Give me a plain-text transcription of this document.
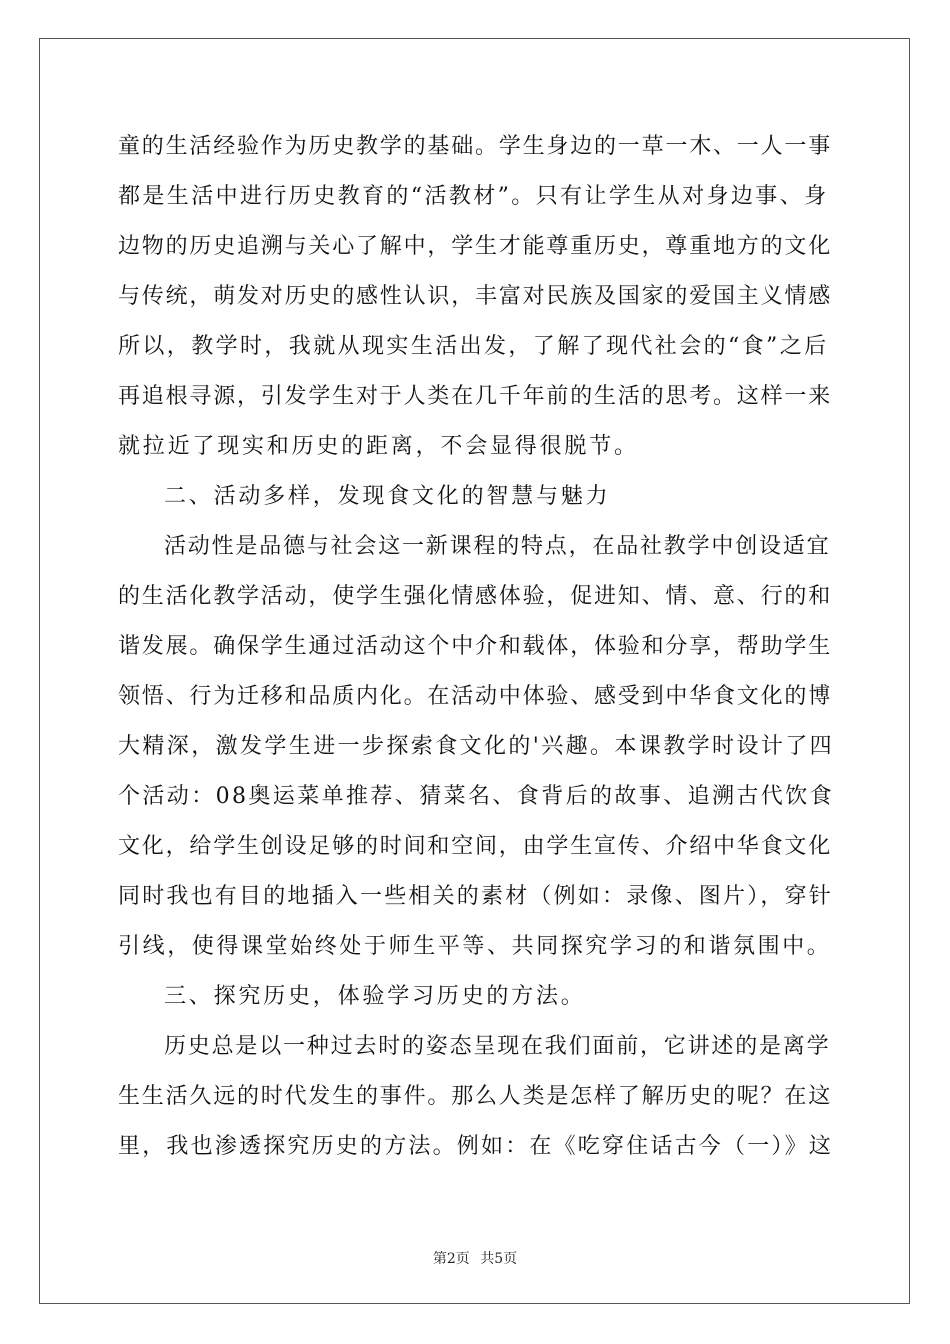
童的生活经验作为历史教学的基础。学生身边的一草一木、一人一事
都是生活中进行历史教育的“活教材”。只有让学生从对身边事、身
边物的历史追溯与关心了解中，学生才能尊重历史，尊重地方的文化
与传统，萌发对历史的感性认识，丰富对民族及国家的爱国主义情感
所以，教学时，我就从现实生活出发，了解了现代社会的“食”之后
再追根寻源，引发学生对于人类在几千年前的生活的思考。这样一来
就拉近了现实和历史的距离，不会显得很脱节。
二、活动多样，发现食文化的智慧与魅力
活动性是品德与社会这一新课程的特点，在品社教学中创设适宜
的生活化教学活动，使学生强化情感体验，促进知、情、意、行的和
谐发展。确保学生通过活动这个中介和载体，体验和分享，帮助学生
领悟、行为迁移和品质内化。在活动中体验、感受到中华食文化的博
大精深，激发学生进一步探索食文化的'兴趣。本课教学时设计了四
个活动：08奥运菜单推荐、猜菜名、食背后的故事、追溯古代饮食
文化，给学生创设足够的时间和空间，由学生宣传、介绍中华食文化
同时我也有目的地插入一些相关的素材（例如：录像、图片），穿针
引线，使得课堂始终处于师生平等、共同探究学习的和谐氛围中。
三、探究历史，体验学习历史的方法。
历史总是以一种过去时的姿态呈现在我们面前，它讲述的是离学
生生活久远的时代发生的事件。那么人类是怎样了解历史的呢？在这
里，我也渗透探究历史的方法。例如：在《吃穿住话古今（一）》这
第2页 共5页
